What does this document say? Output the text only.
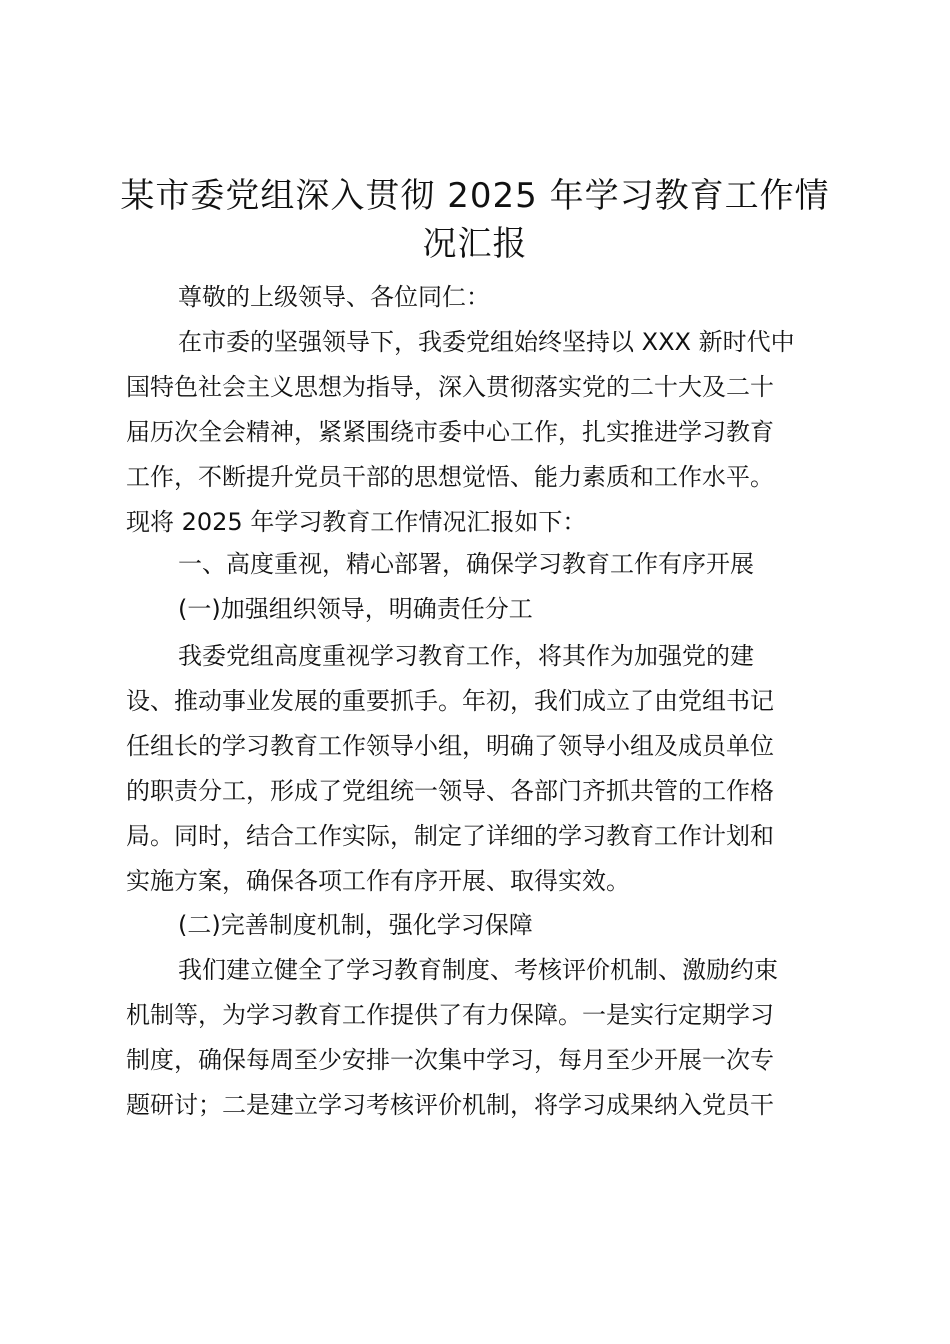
某市委党组深入贯彻 2025 年学习教育工作情
况汇报
尊敬的上级领导、各位同仁：
在市委的坚强领导下，我委党组始终坚持以 XXX 新时代中
国特色社会主义思想为指导，深入贯彻落实党的二十大及二十
届历次全会精神，紧紧围绕市委中心工作，扎实推进学习教育
工作，不断提升党员干部的思想觉悟、能力素质和工作水平。
现将 2025 年学习教育工作情况汇报如下：
一、高度重视，精心部署，确保学习教育工作有序开展
(一)加强组织领导，明确责任分工
我委党组高度重视学习教育工作，将其作为加强党的建
设、推动事业发展的重要抓手。年初，我们成立了由党组书记
任组长的学习教育工作领导小组，明确了领导小组及成员单位
的职责分工，形成了党组统一领导、各部门齐抓共管的工作格
局。同时，结合工作实际，制定了详细的学习教育工作计划和
实施方案，确保各项工作有序开展、取得实效。
(二)完善制度机制，强化学习保障
我们建立健全了学习教育制度、考核评价机制、激励约束
机制等，为学习教育工作提供了有力保障。一是实行定期学习
制度，确保每周至少安排一次集中学习，每月至少开展一次专
题研讨；二是建立学习考核评价机制，将学习成果纳入党员干
